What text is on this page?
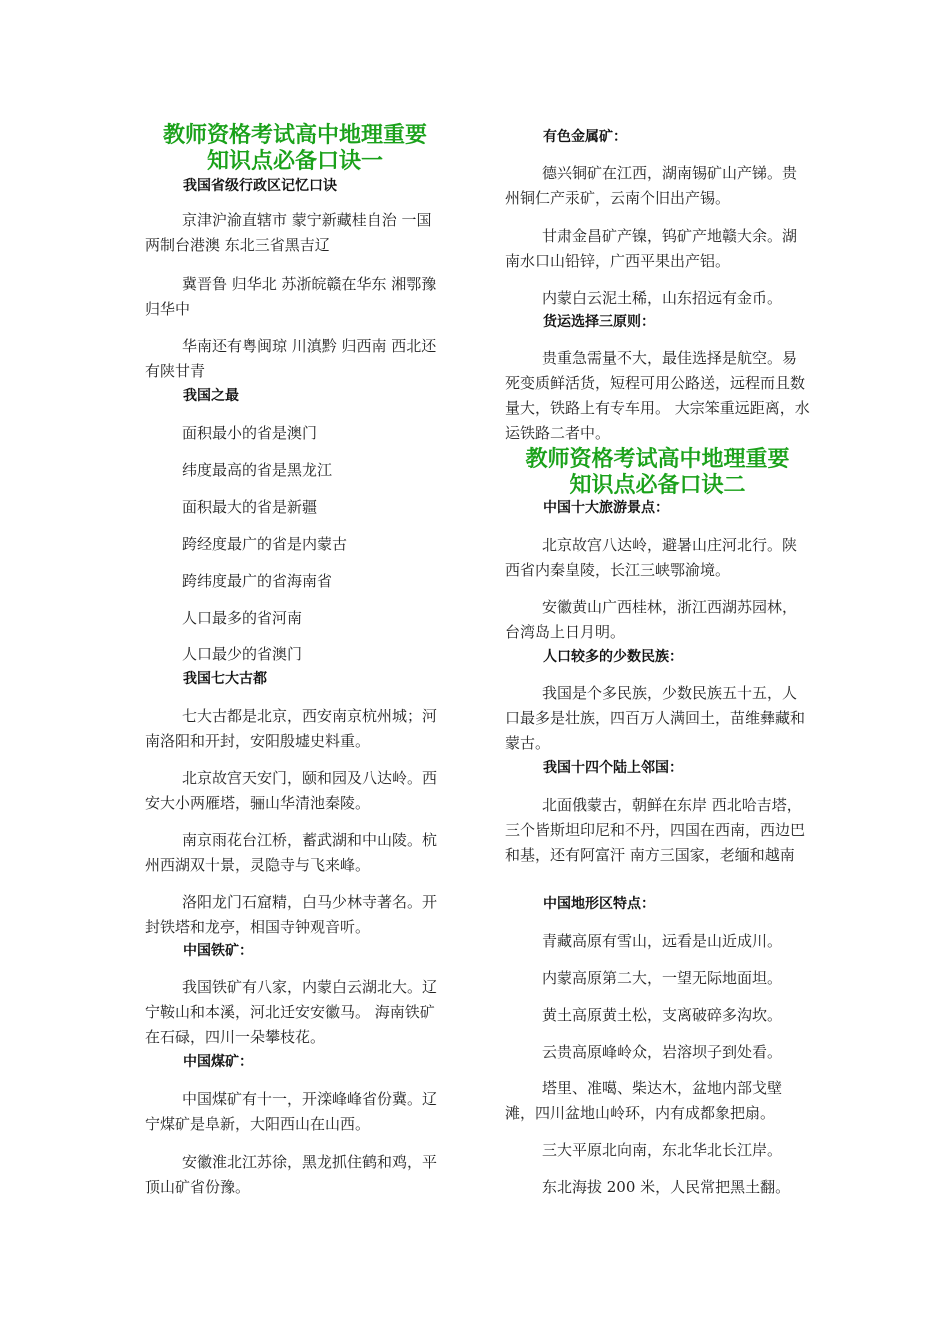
教师资格考试高中地理重要
知识点必备口诀一
我国省级行政区记忆口诀
京津沪渝直辖市 蒙宁新藏桂自治 一国两制台港澳 东北三省黑吉辽
冀晋鲁 归华北 苏浙皖赣在华东 湘鄂豫 归华中
华南还有粤闽琼 川滇黔 归西南 西北还有陕甘青
我国之最
面积最小的省是澳门
纬度最高的省是黑龙江
面积最大的省是新疆
跨经度最广的省是内蒙古
跨纬度最广的省海南省
人口最多的省河南
人口最少的省澳门
我国七大古都
七大古都是北京，西安南京杭州城；河南洛阳和开封，安阳殷墟史料重。
北京故宫天安门，颐和园及八达岭。西安大小两雁塔，骊山华清池秦陵。
南京雨花台江桥，蓄武湖和中山陵。杭州西湖双十景，灵隐寺与飞来峰。
洛阳龙门石窟精，白马少林寺著名。开封铁塔和龙亭，相国寺钟观音听。
中国铁矿：
我国铁矿有八家，内蒙白云湖北大。辽宁鞍山和本溪，河北迁安安徽马。 海南铁矿在石碌，四川一朵攀枝花。
中国煤矿：
中国煤矿有十一，开滦峰峰省份冀。辽宁煤矿是阜新，大阳西山在山西。
安徽淮北江苏徐，黑龙抓住鹤和鸡，平顶山矿省份豫。
有色金属矿：
德兴铜矿在江西，湖南锡矿山产锑。贵州铜仁产汞矿，云南个旧出产锡。
甘肃金昌矿产镍，钨矿产地赣大余。湖南水口山铅锌，广西平果出产铝。
内蒙白云泥土稀，山东招远有金币。
货运选择三原则：
贵重急需量不大，最佳选择是航空。易死变质鲜活货，短程可用公路送，远程而且数量大，铁路上有专车用。 大宗笨重远距离，水运铁路二者中。
教师资格考试高中地理重要
知识点必备口诀二
中国十大旅游景点：
北京故宫八达岭，避暑山庄河北行。陕西省内秦皇陵，长江三峡鄂渝境。
安徽黄山广西桂林，浙江西湖苏园林， 台湾岛上日月明。
人口较多的少数民族：
我国是个多民族，少数民族五十五，人口最多是壮族，四百万人满回土，苗维彝藏和蒙古。
我国十四个陆上邻国：
北面俄蒙古，朝鲜在东岸 西北哈吉塔，三个皆斯坦印尼和不丹，四国在西南，西边巴和基，还有阿富汗 南方三国家，老缅和越南
中国地形区特点：
青藏高原有雪山，远看是山近成川。
内蒙高原第二大，一望无际地面坦。
黄土高原黄土松，支离破碎多沟坎。
云贵高原峰岭众，岩溶坝子到处看。
塔里、准噶、柴达木，盆地内部戈壁滩，四川盆地山岭环，内有成都象把扇。
三大平原北向南，东北华北长江岸。
东北海拔 200 米，人民常把黑土翻。
